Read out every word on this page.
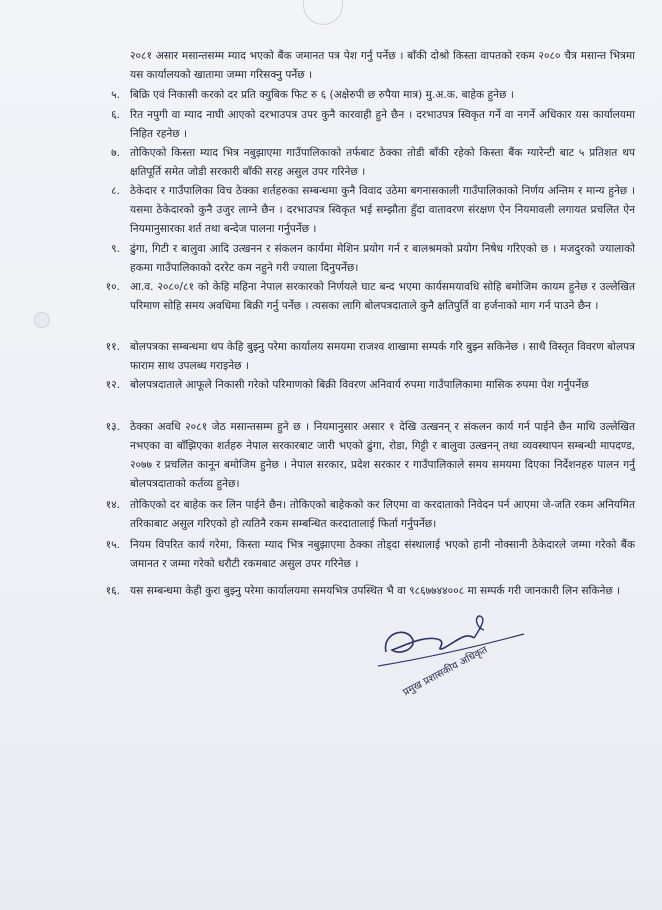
२०८१ असार मसान्तसम्म म्याद भएको बैंक जमानत पत्र पेश गर्नु पर्नेछ । बाँकी दोश्रो किस्ता वापतको रकम २०८० चैत्र मसान्त भित्रमा यस कार्यालयको खातामा जम्मा गरिसक्नु पर्नेछ ।
५. बिक्रि एवं निकासी करको दर प्रति क्युबिक फिट रु ६ (अक्षेरुपी छ रुपैया मात्र) मु.अ.क. बाहेक हुनेछ ।
६. रित नपुगी वा म्याद नाघी आएको दरभाउपत्र उपर कुनै कारवाही हुने छैन । दरभाउपत्र स्विकृत गर्ने वा नगर्ने अधिकार यस कार्यालयमा निहित रहनेछ ।
७. तोकिएको किस्ता म्याद भित्र नबुझाएमा गाउँपालिकाको तर्फबाट ठेक्का तोडी बाँकी रहेको किस्ता बैंक ग्यारेन्टी बाट ५ प्रतिशत थप क्षतिपूर्ति समेत जोडी सरकारी बाँकी सरह असुल उपर गरिनेछ ।
८. ठेकेदार र गाउँपालिका विच ठेक्का शर्तहरुका सम्बन्धमा कुनै विवाद उठेमा बगनासकाली गाउँपालिकाको निर्णय अन्तिम र मान्य हुनेछ । यसमा ठेकेदारको कुनै उजुर लाग्ने छैन । दरभाउपत्र स्विकृत भई सम्झौता हुँदा वातावरण संरक्षण ऐन नियमावली लगायत प्रचलित ऐन नियमानुसारका शर्त तथा बन्देज पालना गर्नुपर्नेछ ।
९. ढुंगा, गिटी र बालुवा आदि उत्खनन र संकलन कार्यमा मेशिन प्रयोग गर्न र बालश्रमको प्रयोग निषेध गरिएको छ । मजदुरको ज्यालाको हकमा गाउँपालिकाको दररेट कम नहुने गरी ज्याला दिनुपर्नेछ।
१०. आ.व. २०८०/८१ को केहि महिना नेपाल सरकारको निर्णयले घाट बन्द भएमा कार्यसमयावधि सोहि बमोजिम कायम हुनेछ र उल्लेखित परिमाण सोहि समय अवधिमा बिक्री गर्नु पर्नेछ । त्यसका लागि बोलपत्रदाताले कुनै क्षतिपुर्ति वा हर्जनाको माग गर्न पाउने छैन ।
११. बोलपत्रका सम्बन्धमा थप केहि बुझ्नु परेमा कार्यालय समयमा राजश्व शाखामा सम्पर्क गरि बुझ्न सकिनेछ । साथै विस्तृत विवरण बोलपत्र फाराम साथ उपलब्ध गराइनेछ ।
१२. बोलपत्रदाताले आफूले निकासी गरेको परिमाणको बिक्री विवरण अनिवार्य रुपमा गाउँपालिकामा मासिक रुपमा पेश गर्नुपर्नेछ
१३. ठेक्का अवधि २०८१ जेठ मसान्तसम्म हुने छ । नियमानुसार असार १ देखि उत्खनन् र संकलन कार्य गर्न पाईने छैन माथि उल्लेखित नभएका वा बाँझिएका शर्तहरु नेपाल सरकारबाट जारी भएको ढुंगा, रोडा, गिट्टी र बालुवा उत्खनन् तथा व्यवस्थापन सम्बन्धी मापदण्ड, २०७७ र प्रचलित कानून बमोजिम हुनेछ । नेपाल सरकार, प्रदेश सरकार र गाउँपालिकाले समय समयमा दिएका निर्देशनहरु पालन गर्नु बोलपत्रदाताको कर्तव्य हुनेछ।
१४. तोकिएको दर बाहेक कर लिन पाईने छैन। तोकिएको बाहेकको कर लिएमा वा करदाताको निवेदन पर्न आएमा जे-जति रकम अनियमित तरिकाबाट असुल गरिएको हो त्यतिनै रकम सम्बन्धित करदातालाई फिर्ता गर्नुपर्नेछ।
१५. नियम विपरित कार्य गरेमा, किस्ता म्याद भित्र नबुझाएमा ठेक्का तोड्दा संस्थालाई भएको हानी नोक्सानी ठेकेदारले जम्मा गरेको बैंक जमानत र जम्मा गरेको धरौटी रकमबाट असुल उपर गरिनेछ ।
१६. यस सम्बन्धमा केही कुरा बुझ्नु परेमा कार्यालयमा समयभित्र उपस्थित भै वा ९८६७७४४००८ मा सम्पर्क गरी जानकारी लिन सकिनेछ ।
प्रमुख प्रशासकीय अधिकृत
